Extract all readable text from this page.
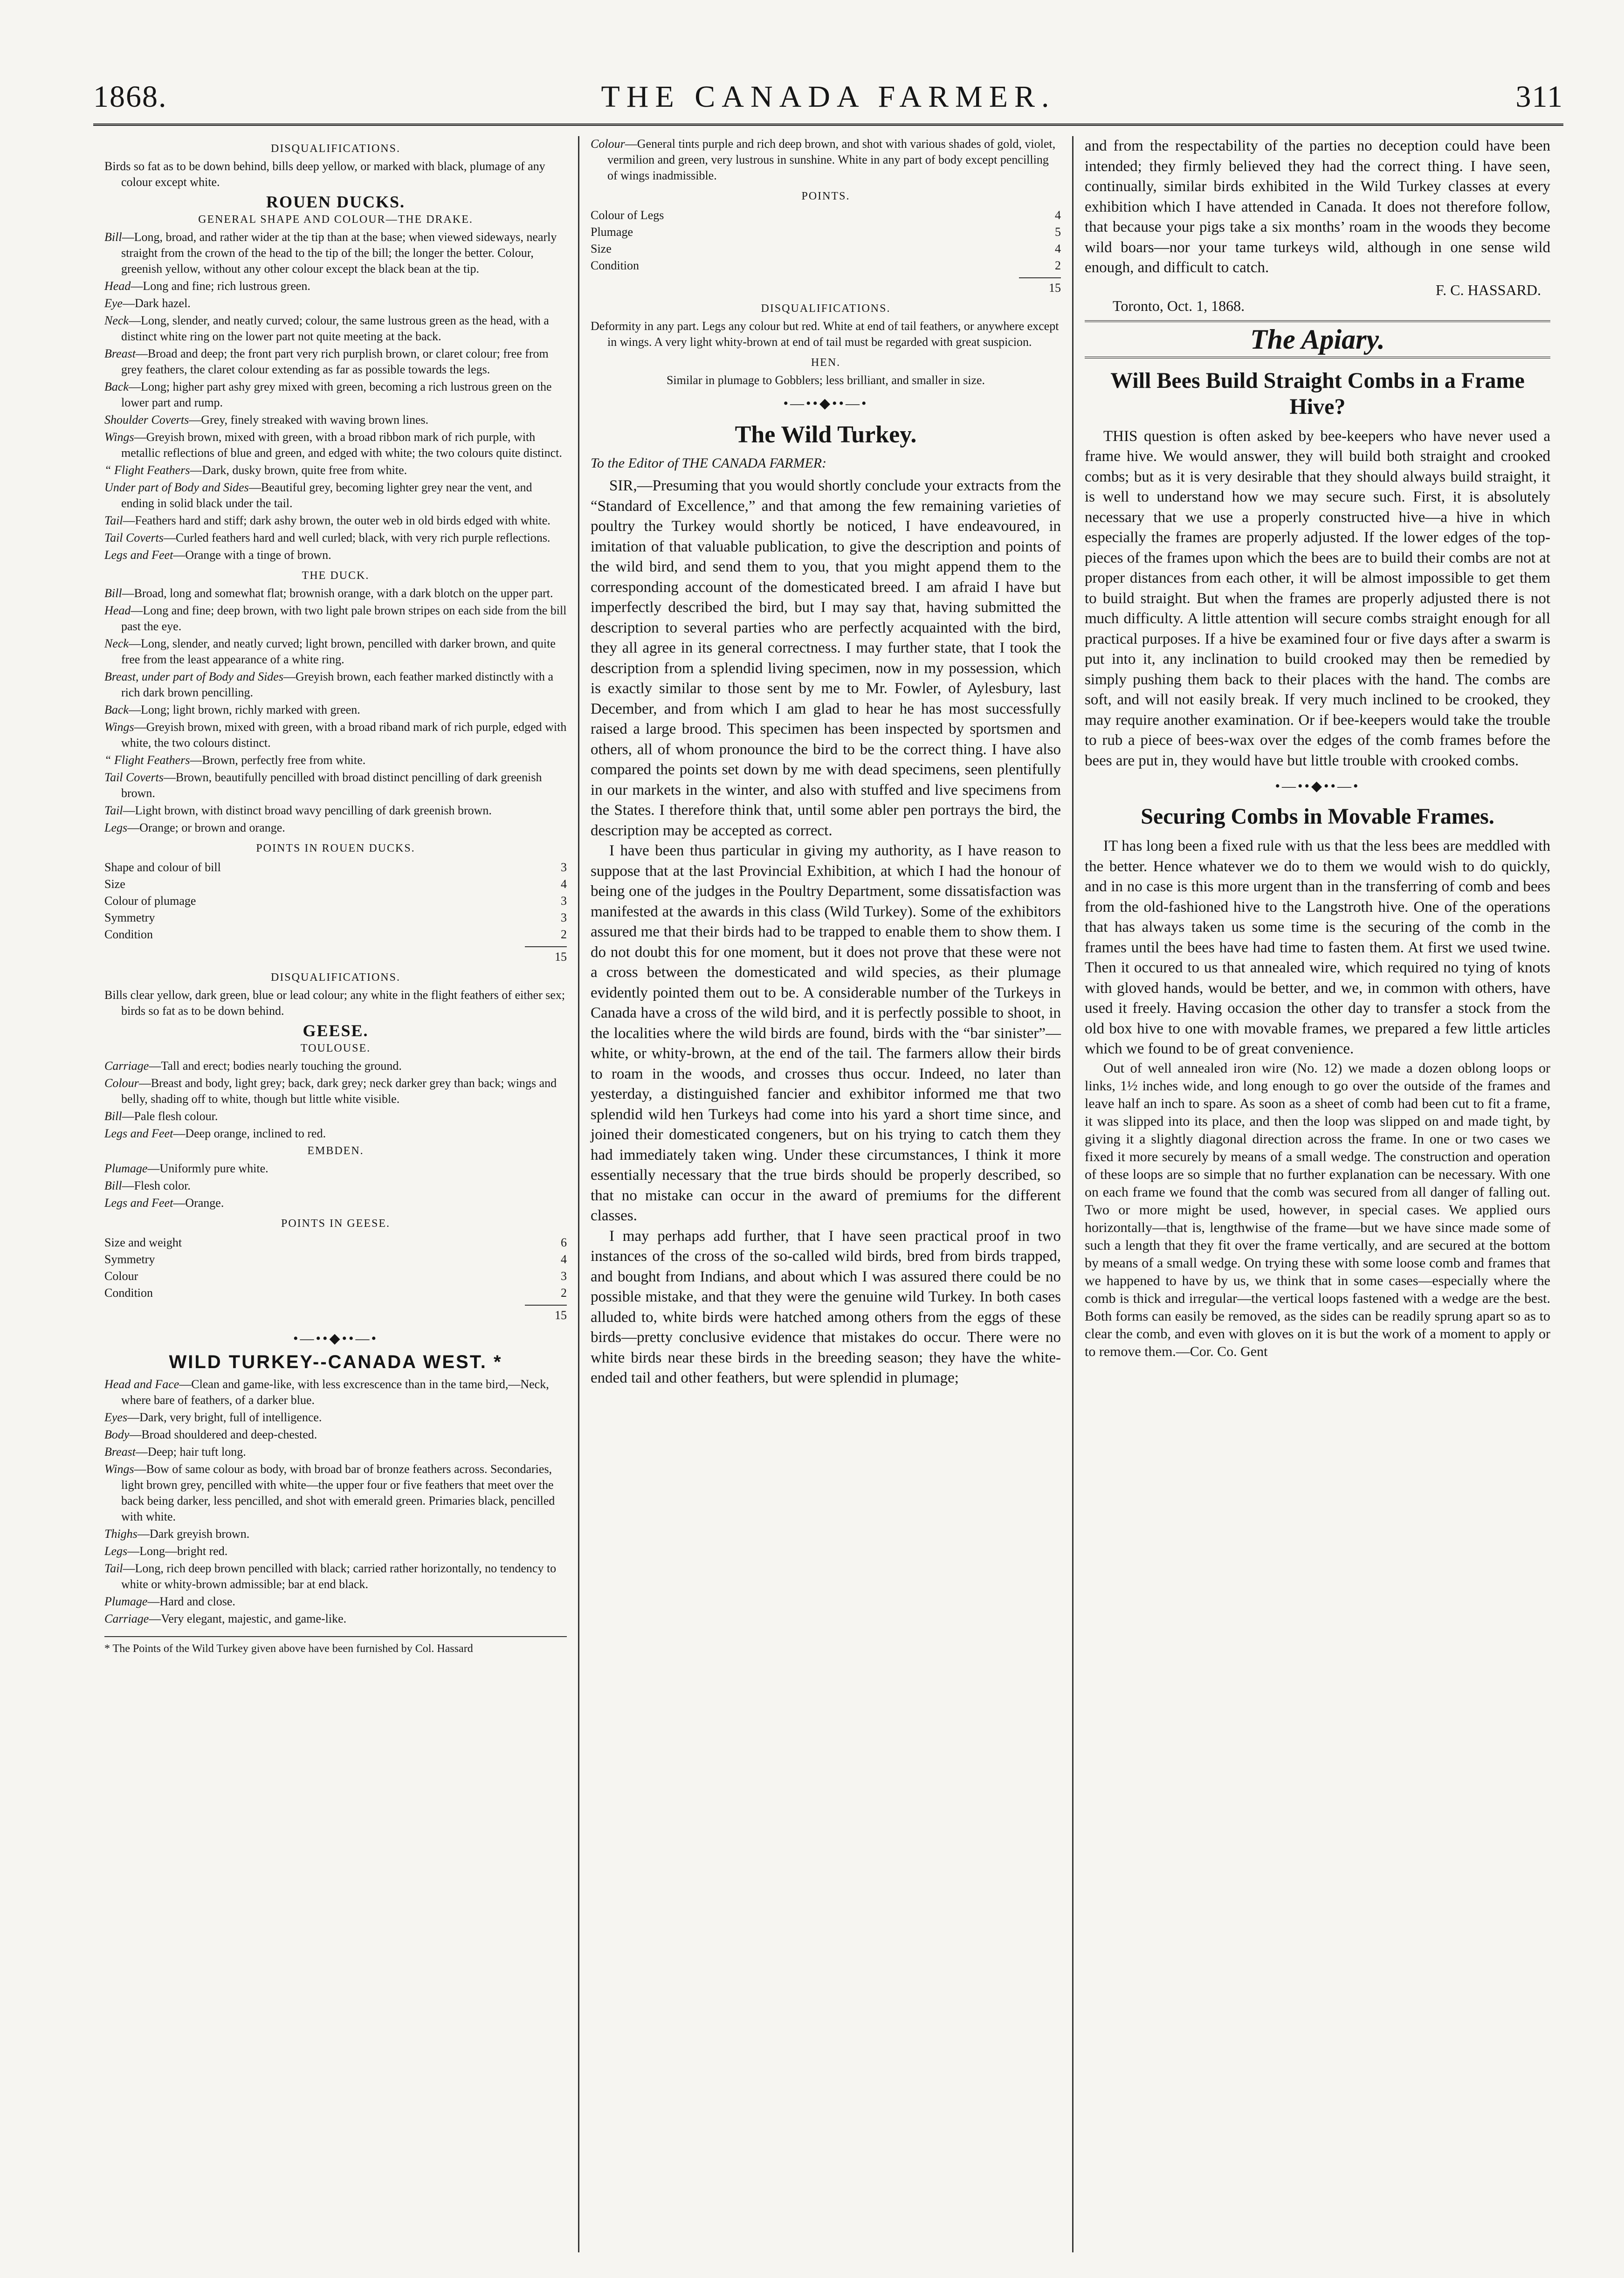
1868.	THE CANADA FARMER.	311
DISQUALIFICATIONS.

Birds so fat as to be down behind, bills deep yellow, or marked with black, plumage of any colour except white.

ROUEN DUCKS.
GENERAL SHAPE AND COLOUR—THE DRAKE.

Bill—Long, broad, and rather wider at the tip than at the base; when viewed sideways, nearly straight from the crown of the head to the tip of the bill; the longer the better. Colour, greenish yellow, without any other colour except the black bean at the tip.

Head—Long and fine; rich lustrous green.

Eye—Dark hazel.

Neck—Long, slender, and neatly curved; colour, the same lustrous green as the head, with a distinct white ring on the lower part not quite meeting at the back.

Breast—Broad and deep; the front part very rich purplish brown, or claret colour; free from grey feathers, the claret colour extending as far as possible towards the legs.

Back—Long; higher part ashy grey mixed with green, becoming a rich lustrous green on the lower part and rump.

Shoulder Coverts—Grey, finely streaked with waving brown lines.

Wings—Greyish brown, mixed with green, with a broad ribbon mark of rich purple, with metallic reflections of blue and green, and edged with white; the two colours quite distinct.

“ Flight Feathers—Dark, dusky brown, quite free from white.

Under part of Body and Sides—Beautiful grey, becoming lighter grey near the vent, and ending in solid black under the tail.

Tail—Feathers hard and stiff; dark ashy brown, the outer web in old birds edged with white.

Tail Coverts—Curled feathers hard and well curled; black, with very rich purple reflections.

Legs and Feet—Orange with a tinge of brown.

THE DUCK.

Bill—Broad, long and somewhat flat; brownish orange, with a dark blotch on the upper part.

Head—Long and fine; deep brown, with two light pale brown stripes on each side from the bill past the eye.

Neck—Long, slender, and neatly curved; light brown, pencilled with darker brown, and quite free from the least appearance of a white ring.

Breast, under part of Body and Sides—Greyish brown, each feather marked distinctly with a rich dark brown pencilling.

Back—Long; light brown, richly marked with green.

Wings—Greyish brown, mixed with green, with a broad riband mark of rich purple, edged with white, the two colours distinct.

“ Flight Feathers—Brown, perfectly free from white.

Tail Coverts—Brown, beautifully pencilled with broad distinct pencilling of dark greenish brown.

Tail—Light brown, with distinct broad wavy pencilling of dark greenish brown.

Legs—Orange; or brown and orange.

POINTS IN ROUEN DUCKS.
Shape and colour of bill		3
Size		4
Colour of plumage		3
Symmetry		3
Condition		2
15
DISQUALIFICATIONS.

Bills clear yellow, dark green, blue or lead colour; any white in the flight feathers of either sex; birds so fat as to be down behind.

GEESE.
TOULOUSE.

Carriage—Tall and erect; bodies nearly touching the ground.

Colour—Breast and body, light grey; back, dark grey; neck darker grey than back; wings and belly, shading off to white, though but little white visible.

Bill—Pale flesh colour.

Legs and Feet—Deep orange, inclined to red.

EMBDEN.

Plumage—Uniformly pure white.

Bill—Flesh color.

Legs and Feet—Orange.

POINTS IN GEESE.
Size and weight		6
Symmetry		4
Colour		3
Condition		2
15
•—••◆••—•
WILD TURKEY--CANADA WEST. *

Head and Face—Clean and game-like, with less excrescence than in the tame bird,—Neck, where bare of feathers, of a darker blue.

Eyes—Dark, very bright, full of intelligence.

Body—Broad shouldered and deep-chested.

Breast—Deep; hair tuft long.

Wings—Bow of same colour as body, with broad bar of bronze feathers across. Secondaries, light brown grey, pencilled with white—the upper four or five feathers that meet over the back being darker, less pencilled, and shot with emerald green. Primaries black, pencilled with white.

Thighs—Dark greyish brown.

Legs—Long—bright red.

Tail—Long, rich deep brown pencilled with black; carried rather horizontally, no tendency to white or whity-brown admissible; bar at end black.

Plumage—Hard and close.

Carriage—Very elegant, majestic, and game-like.

* The Points of the Wild Turkey given above have been furnished by Col. Hassard

Colour—General tints purple and rich deep brown, and shot with various shades of gold, violet, vermilion and green, very lustrous in sunshine. White in any part of body except pencilling of wings inadmissible.

POINTS.
Colour of Legs		4
Plumage		5
Size		4
Condition		2
15
DISQUALIFICATIONS.

Deformity in any part. Legs any colour but red. White at end of tail feathers, or anywhere except in wings. A very light whity-brown at end of tail must be regarded with great suspicion.

HEN.

Similar in plumage to Gobblers; less brilliant, and smaller in size.

•—••◆••—•
The Wild Turkey.
To the Editor of THE CANADA FARMER:

SIR,—Presuming that you would shortly conclude your extracts from the “Standard of Excellence,” and that among the few remaining varieties of poultry the Turkey would shortly be noticed, I have endeavoured, in imitation of that valuable publication, to give the description and points of the wild bird, and send them to you, that you might append them to the corresponding account of the domesticated breed. I am afraid I have but imperfectly described the bird, but I may say that, having submitted the description to several parties who are perfectly acquainted with the bird, they all agree in its general correctness. I may further state, that I took the description from a splendid living specimen, now in my possession, which is exactly similar to those sent by me to Mr. Fowler, of Aylesbury, last December, and from which I am glad to hear he has most successfully raised a large brood. This specimen has been inspected by sportsmen and others, all of whom pronounce the bird to be the correct thing. I have also compared the points set down by me with dead specimens, seen plentifully in our markets in the winter, and also with stuffed and live specimens from the States. I therefore think that, until some abler pen portrays the bird, the description may be accepted as correct.

I have been thus particular in giving my authority, as I have reason to suppose that at the last Provincial Exhibition, at which I had the honour of being one of the judges in the Poultry Department, some dissatisfaction was manifested at the awards in this class (Wild Turkey). Some of the exhibitors assured me that their birds had to be trapped to enable them to show them. I do not doubt this for one moment, but it does not prove that these were not a cross between the domesticated and wild species, as their plumage evidently pointed them out to be. A considerable number of the Turkeys in Canada have a cross of the wild bird, and it is perfectly possible to shoot, in the localities where the wild birds are found, birds with the “bar sinister”—white, or whity-brown, at the end of the tail. The farmers allow their birds to roam in the woods, and crosses thus occur. Indeed, no later than yesterday, a distinguished fancier and exhibitor informed me that two splendid wild hen Turkeys had come into his yard a short time since, and joined their domesticated congeners, but on his trying to catch them they had immediately taken wing. Under these circumstances, I think it more essentially necessary that the true birds should be properly described, so that no mistake can occur in the award of premiums for the different classes.

I may perhaps add further, that I have seen practical proof in two instances of the cross of the so-called wild birds, bred from birds trapped, and bought from Indians, and about which I was assured there could be no possible mistake, and that they were the genuine wild Turkey. In both cases alluded to, white birds were hatched among others from the eggs of these birds—pretty conclusive evidence that mistakes do occur. There were no white birds near these birds in the breeding season; they have the white-ended tail and other feathers, but were splendid in plumage;

and from the respectability of the parties no deception could have been intended; they firmly believed they had the correct thing. I have seen, continually, similar birds exhibited in the Wild Turkey classes at every exhibition which I have attended in Canada. It does not therefore follow, that because your pigs take a six months’ roam in the woods they become wild boars—nor your tame turkeys wild, although in one sense wild enough, and difficult to catch.

F. C. HASSARD.
Toronto, Oct. 1, 1868.
The Apiary.
Will Bees Build Straight Combs in a Frame Hive?

THIS question is often asked by bee-keepers who have never used a frame hive. We would answer, they will build both straight and crooked combs; but as it is very desirable that they should always build straight, it is well to understand how we may secure such. First, it is absolutely necessary that we use a properly constructed hive—a hive in which especially the frames are properly adjusted. If the lower edges of the top-pieces of the frames upon which the bees are to build their combs are not at proper distances from each other, it will be almost impossible to get them to build straight. But when the frames are properly adjusted there is not much difficulty. A little attention will secure combs straight enough for all practical purposes. If a hive be examined four or five days after a swarm is put into it, any inclination to build crooked may then be remedied by simply pushing them back to their places with the hand. The combs are soft, and will not easily break. If very much inclined to be crooked, they may require another examination. Or if bee-keepers would take the trouble to rub a piece of bees-wax over the edges of the comb frames before the bees are put in, they would have but little trouble with crooked combs.

•—••◆••—•
Securing Combs in Movable Frames.

IT has long been a fixed rule with us that the less bees are meddled with the better. Hence whatever we do to them we would wish to do quickly, and in no case is this more urgent than in the transferring of comb and bees from the old-fashioned hive to the Langstroth hive. One of the operations that has always taken us some time is the securing of the comb in the frames until the bees have had time to fasten them. At first we used twine. Then it occured to us that annealed wire, which required no tying of knots with gloved hands, would be better, and we, in common with others, have used it freely. Having occasion the other day to transfer a stock from the old box hive to one with movable frames, we prepared a few little articles which we found to be of great convenience.

Out of well annealed iron wire (No. 12) we made a dozen oblong loops or links, 1½ inches wide, and long enough to go over the outside of the frames and leave half an inch to spare. As soon as a sheet of comb had been cut to fit a frame, it was slipped into its place, and then the loop was slipped on and made tight, by giving it a slightly diagonal direction across the frame. In one or two cases we fixed it more securely by means of a small wedge. The construction and operation of these loops are so simple that no further explanation can be necessary. With one on each frame we found that the comb was secured from all danger of falling out. Two or more might be used, however, in special cases. We applied ours horizontally—that is, lengthwise of the frame—but we have since made some of such a length that they fit over the frame vertically, and are secured at the bottom by means of a small wedge. On trying these with some loose comb and frames that we happened to have by us, we think that in some cases—especially where the comb is thick and irregular—the vertical loops fastened with a wedge are the best. Both forms can easily be removed, as the sides can be readily sprung apart so as to clear the comb, and even with gloves on it is but the work of a moment to apply or to remove them.—Cor. Co. Gent
